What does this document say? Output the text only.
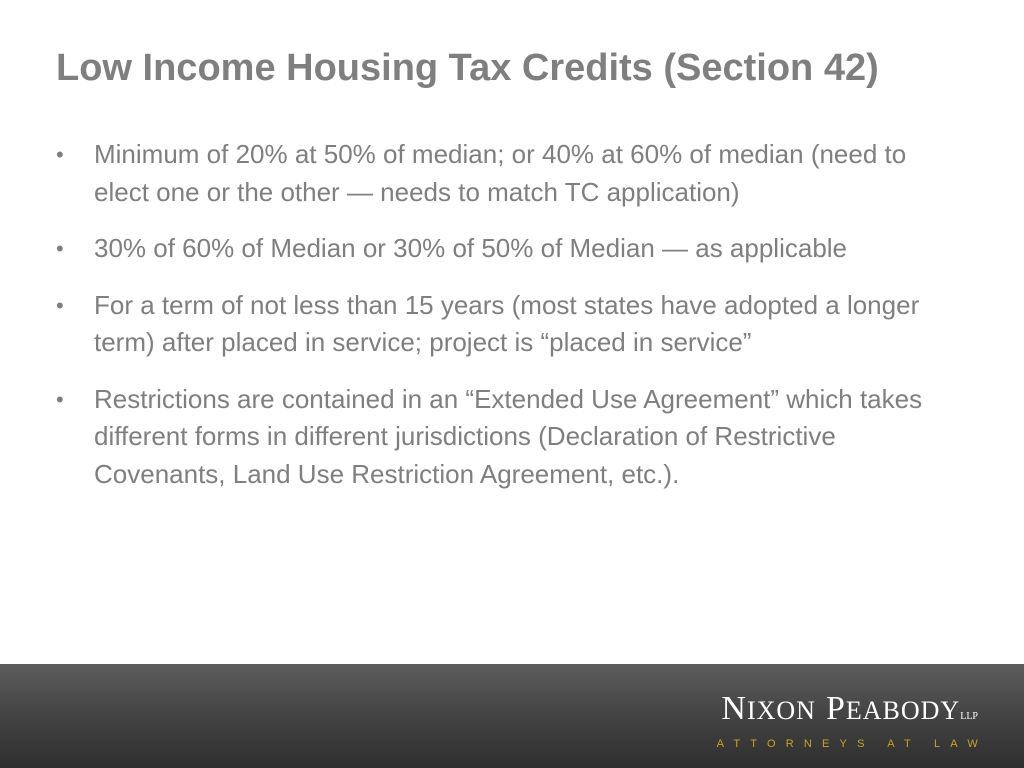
Low Income Housing Tax Credits (Section 42)
•	Minimum of 20% at 50% of median; or 40% at 60% of median (need to elect one or the other — needs to match TC application)
•	30% of 60% of Median or 30% of 50% of Median — as applicable
•	For a term of not less than 15 years (most states have adopted a longer term) after placed in service; project is “placed in service”
•	Restrictions are contained in an “Extended Use Agreement” which takes different forms in different jurisdictions (Declaration of Restrictive Covenants, Land Use Restriction Agreement, etc.).
NIXON PEABODYLLP
ATTORNEYS AT LAW
